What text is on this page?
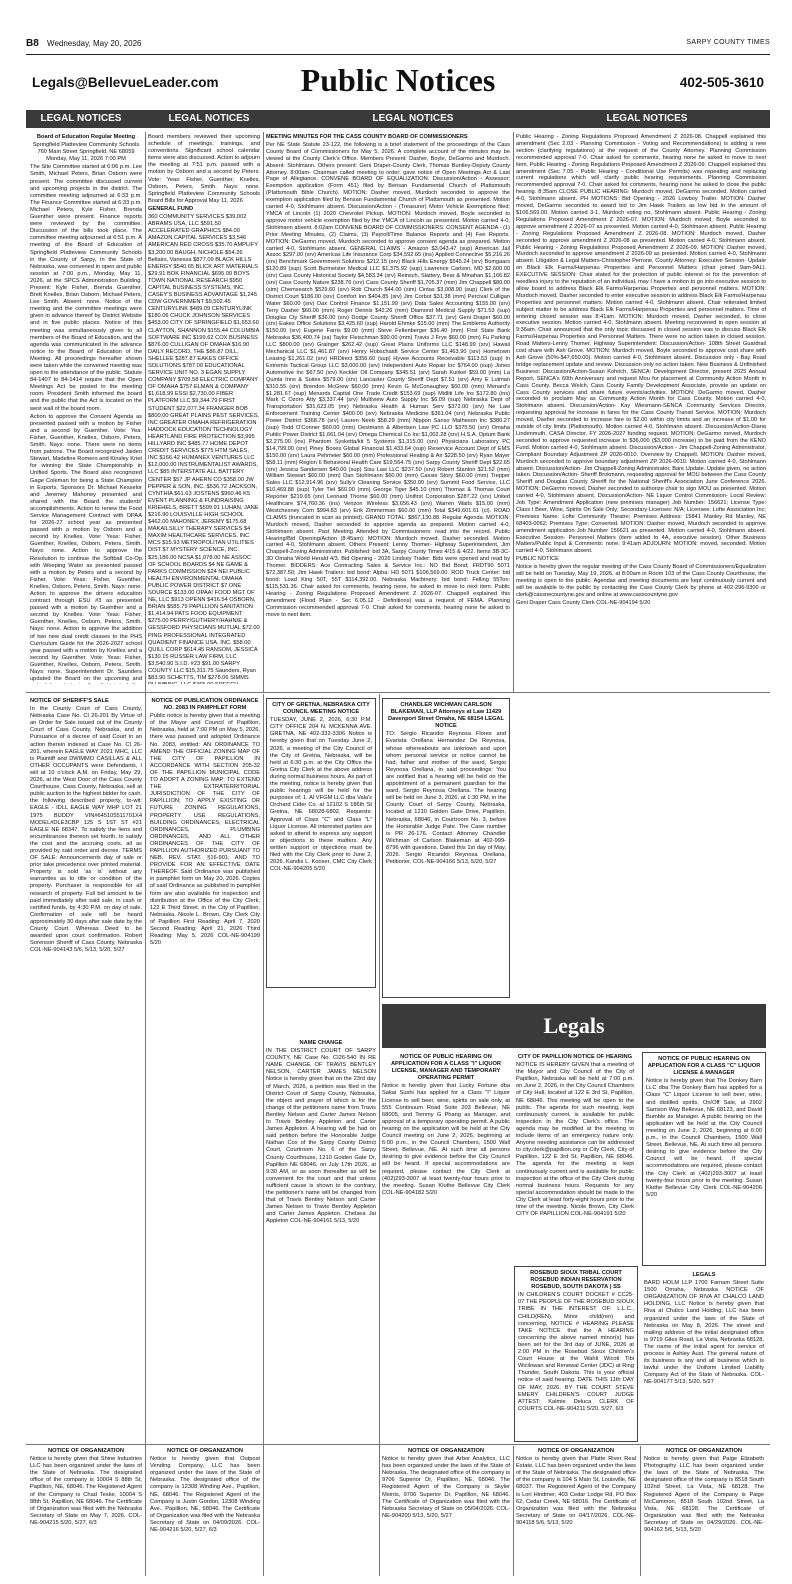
B8 Wednesday, May 20, 2026	SARPY COUNTY TIMES
Legals@BellevueLeader.com	Public Notices	402-505-3610
LEGAL NOTICES	LEGAL NOTICES	LEGAL NOTICES	LEGAL NOTICES

Board of Education Regular Meeting

Springfield Platteview Community Schools 760 Main Street Springfield, NE 68059 Monday, May 11, 2026 7:00 PM

The Site Committee started at 6:06 p.m. Lee Smith, Michael Peters, Brian Osborn were present. The committee discussed current and upcoming projects in the district. The committee meeting adjourned at 6:33 p.m. The Finance Committee started at 6:33 p.m. Michael Peters, Kyle Fisher, Brenda Guenther were present. Finance reports were reviewed by the committee. Discussion of the bills took place. The committee meeting adjourned at 6:51 p.m. A meeting of the Board of Education of Springfield Platteview Community Schools in the County of Sarpy, in the State of Nebraska, was convened in open and public session at 7:00 p.m., Monday, May 11, 2026, at the SPCS Administration Building. Present: Kyle Fisher, Brenda Guenther, Brett Knelles, Brian Osborn, Michael Peters, Lee Smith. Absent: none. Notice of the meeting and the committee meetings were given in advance thereof by District Website and in five public places. Notice of this meeting was simultaneously given to all members of the Board of Education, and the agenda was communicated in the advance notice to the Board of Education of the Meeting. All proceedings hereafter shown were taken while the convened meeting was open to the attendance of the public. Statute 84-1407 to 84-1414 require that the Open Meetings Act be posted in the meeting room. President Smith informed the board and the public that the Act is located on the west wall of the board room.

Action to approve the Consent Agenda as presented passed with a motion by Fisher and a second by Guenther. Vote: Yea: Fisher, Guenther, Knelles, Osborn, Peters, Smith. Nays: none. There were no items from patrons. The Board recognized Jaiden Stewart, Madeline Romero and Kinsley Kriet for winning the State Championship in Unified Sports. The Board also recognized Gage Coleman for being a State Champion in Esports. Sponsors Dr. Michael Kesselor and Jeremey Mahoney presented and shared with the Board the students' accomplishments. Action to renew the Food Service Management Contract with OPAA for 2026-27 school year as presented passed with a motion by Osborn and a second by Knelles. Vote: Yeas: Fisher, Guenther, Knelles, Osborn, Peters, Smith. Nays: none. Action to approve the Resolution to continue the Softball Co-Op with Weeping Water as presented passed with a motion by Peters and a second by Fisher. Vote: Yeas: Fisher, Guenther, Knelles, Osborn, Peters, Smith. Nays: none. Action to approve the drivers education contract through ESU #3 as presented passed with a motion by Guenther and a second by Knelles. Vote: Yeas: Fisher, Guenther, Knelles, Osborn, Peters, Smith. Nays: none. Action to approve the addition of two new dual credit classes to the PHS Curriculum Guide for the 2026-2027 school year passed with a motion by Knelles and a second by Guenther. Vote: Yeas: Fisher, Guenther, Knelles, Osborn, Peters, Smith. Nays: none. Superintendent Dr. Saunders updated the Board on the upcoming and

Board members reviewed their upcoming schedule of meetings, trainings, and conventions. Significant school calendar items were also discussed. Action to adjourn the meeting at 7:51 p.m. passed with a motion by Osborn and a second by Peters. Vote: Yeas: Fisher, Guenther, Knelles, Osborn, Peters, Smith. Nays: none. Springfield Platteview Community Schools Board Bills for Approval May 11, 2026

GENERAL FUND

360 COMMUNITY SERVICES $39,002 ABRAMS USA, LLC $591.50 ACCELERATED GRAPHICS $84.00 AMAZON CAPITAL SERVICES $3,546 AMERICAN RED CROSS $35.70 AMPLIFY $3,200.00 BAUGH, NICHOLE $54.26 Bellairs, Vanessa $877.09 BLACK HILLS ENERGY $540.65 BLICK ART MATERIALS $29.91 BOK FINANCIAL $695.00 BOYS TOWN NATIONAL RESEARCH $950 CAPITAL BUSINESS SYSTEMS, INC. CASEY'S BUSINESS ADVANTAGE $1,245 CDW GOVERNMENT $9,502.45 CENTURYLINK $489.09 CENTURYLINK $180.06 CHUCK JOHNSON SERVICES $453.00 CITY OF SPRINGFIELD $1,653.60 CLAYTON, SHANNON $155.44 COLUMBIA SOFTWARE INC $199.62 COX BUSINESS $876.00 CULLIGAN OF OMAHA $16.90 DAILY RECORD, THE $86.87 DILL, SHELLEE $287.87 EAKES OFFICE SOLUTIONS $787.00 EDUCATIONAL SERVICE UNIT NO. 3 EGAN SUPPLY COMPANY $709.58 ELECTRIC COMPANY OF OMAHA $757 ELMAN & COMPANY $1,618.99 ESSI $2,730.00 FIBER PLATFORM LLC $9,344.79 FIRST STUDENT $22,077.34 FRANGER BOB $800.00 GREAT PLAINS PEST SERVICES, INC GREATER OMAHA REFRIGERATION HADDOCK EDUCATION TECHNOLOGY HEARTLAND FIRE PROTECTION $3,995 HILLYARD INC $485.77 HOME DEPOT CREDIT SERVICES $775 HTM SALES, INC $166.42 HUMANEX VENTURES LLC $12,000.00 INSTRUMENTALIST AWARDS, LLC $85 INTERSTATE ALL BATTERY CENTER $57 JP AHERN CO $358.00 JW PEPPER & SON, INC. $536.72 JACKSON, CYNTHIA $61.63 JOSTENS $960.46 K5 EVENT PLANNING & FUNDRAISING KRIEHELS, BRETT $599.91 LUHAN, JANE $216.90 LOUISVILLE HIGH SCHOOL $462.00 MAHONEY, JEREMY $175.68 MAKAILSILLY THERAPY SERVICES $4 MAXIM HEALTHCARE SERVICES, INC MCS $15.93 METROPOLITAN UTILITIES DIST $7 MYSTERY SCIENCE, INC. $25,186.00 NCSA $1,078.00 NE ASSOC OF SCHOOL BOARDS $4 NE GAME & PARKS COMMISSION $24 NEI PUBLIC HEALTH ENVIRONMENTAL OMAHA PUBLIC POWER DISTRICT $7 ONE SOURCE $133.00 OPAA! FOOD MGT OF NE, LLC $913 OPENN $416.54 OSBORN, BRIAN $585.79 PAPILLION SANITATION $1,414.94 PATS FOOD EQUIPMENT $275.00 PERRY/GUTHERY/HAHN/E & GESSFORD PHYSICIANS MUTUAL $72.00 PING PROFESSIONAL INTEGRATED QUADIENT FINANCE USA, INC. $58.00 QUILL CORP $614.45 RANSOM, JESSICA $130.15 RUSSER LAW FIRM, LLC $3,540.90 S.I.D. #23 $91.00 SARPY COUNTY LLC $15,311.75 Saunders, Ryan $83.90 SCHETTS, TIM $278.06 SIMMS

MEETING MINUTES FOR THE CASS COUNTY BOARD OF COMMISSIONERS

Per NE State Statute 23-122, the following is a brief statement of the proceedings of the Cass County Board of Commissioners for May 5, 2026. A complete account of the minutes may be viewed at the County Clerk's Office. Members Present: Dasher, Boyle, DeGarmo and Murdoch. Absent: Stohlmann. Others present: Geni Draper-County Clerk, Thomas Buntley-Deputy County Attorney. 8:00am- Chairman called meeting to order; gave notice of Open Meetings Act & Last Page of Allegiance. CONVENE BOARD OF EQUALIZATION. Discussion/Action - Assessor: Exemption application (Form 451) filed by Bensan Fundamental Church of Plattsmouth (Plattsmouth Bible Church). MOTION: Dasher moved, Murdoch seconded to approve the exemption application filed by Bensan Fundamental Church of Plattsmouth as presented. Motion carried 4-0, Stohlmann absent. Discussion/Action - (Treasurer) Motor Vehicle Exemptions filed: YMCA of Lincoln (1) 2020 Chevrolet Pickup. MOTION: Murdoch moved, Boyle seconded to approve motor vehicle exemption filed by the YMCA of Lincoln as presented. Motion carried 4-0, Stohlmann absent. 8:02am CONVENE BOARD OF COMMISSIONERS. CONSENT AGENDA - (1) Prior Meeting Minutes, (2) Claims, (3) Payroll/Time Balance Reports and (4) Fee Reports. MOTION: DeGarmo moved, Murdoch seconded to approve consent agenda as prepared. Motion carried 4-0, Stohlmann absent. GENERAL CLAIMS - Amazon $3,043.47 (sup) American Jail Assoc $297.00 (srv) Americas Life Insurance Corp $34,592.65 (ins) Applied Connective $5,216.26 (srv) Benchmark Government Solutions $212.15 (srv) Black Hills Energy $545.24 (srv) Bomgaars $120.89 (sup) Scott Burmeister Medical LLC $1,375.92 (sup) Lawrence Carlson, MD $2,600.00 (srv) Cass County Historical Society $4,583.34 (srv) Reinsch, Slattery, Bear & Minahan $1,166.82 (srv) Cass County Nature $238.76 (srv) Cass County Sheriff $1,705.37 (mm) Jim Chappell $80.00 (sim) Chemsearch $529.60 (srv) Rob Church $44.00 (sim) Cintas $3,008.90 (sup) Clerk of the District Court $186.00 (srv) Comfort Inn $404.85 (srv) Jim Corbot $31.38 (mm) Percival Culligan Water $60.00 (srv) Dax Control Finance $1,151.99 (srv) Data Sales Accounting $155.00 (srv) Terry Dasher $60.00 (mm) Roger Dennis $42.26 (mm) Diamond Medical Supply $71.53 (sup) Douglas Cty Sheriff $36.00 (srv) Dodge County Sheriff Office $37.71 (srv) Geni Draper $60.00 (srv) Eakes Office Solutions $3,425.60 (sup) Harold Ehmke $15.00 (mm) The Emblems Authority $150.00 (srv) Eugene Farris $9.00 (mm) Steve Feltenberger $36.40 (mm) First State Bank Nebraska $36,400.74 (sa) Taylor Fleischman $90.00 (mm) Travis J Frye $60.00 (mm) Fu Parking LLC $800.00 (srv) Grainger $262.42 (sup) Great Plains Uniforms LLC $148.99 (srv) Hawaii Mechanical LLC $1,461.87 (srv) Henry Hobschaidt Service Center $1,463.90 (srv) Hometown Leasing $1,261.02 (srv) HRDirect $356.60 (sup) Hyvee Accounts Receivable $113.53 (sup) In Extremis Tactical Group LLC $3,000.00 (srv) Independent Auto Repair Inc $764.00 (sup) Jones Automotive Inc $67.50 (srv) Keckler Oil Company $345.51 (srv) Sarah Kunkel $59.00 (mm) La Quinta Inns & Suites $579.00 (srv) Lancaster County Sheriff Dept $7.51 (srv) Amy E Lutman $310.55 (srv) Brendon McGrew $60.00 (mm) Kevin G McConaughey $60.00 (mm) Menard's $1,281.67 (sup) Menards Capital One Trade Credit $153.69 (sup) Midliti Life Ins $172.80 (ins) Mark C Ozoro Atty $3,337.44 (srv) Multiview Auto Supply Inc $6.09 (sup) Nebraska Dept of Transportation $31,623.05 (mr) Nebraska Health & Human Serv $372.00 (srv) Ne Law Enforcement Training Center $400.00 (srv) Nebraska Medicine $361.04 (srv) Nebraska Public Power District $368.78 (srv) Lauren Neeb $58.29 (mm) Nippon Sanso Matheson Inc $380.27 (sup) Todd O'Conner $60.00 (mm) Oestmann & Albertsen Law PC LLO $375.50 (srv) Omaha Public Power District $1,661.04 (srv) Omega Chemical Co Inc $1,002.28 (srv) H.S.A. Optum Bank $2,275.00 (ins) Phantom Sysketta/kit 5 Systems $1,315.00 (srv) Physicians Laboratory PC $14,799.00 (srv) Piney Boxes Global Financial $1,433.64 (sup) Reservice Account Dept of EMS $150.00 (srv) Laura Pehmeier $60.00 (mm) Professional Heating & Air $228.50 (srv) Ryan Mayer $58.11 (mm) Region 6 Behavioral Health Care $19,564.75 (srv) Sarpy County Sheriff Dept $22.65 (srv) Jessica Sandersen $40.00 (sup) Sisu Law LLC $237.50 (srv) Robert Stanton $21.52 (mm) William Stewart $60.00 (mm) Dan Stohlmann $60.00 (mm) Cassie Story $60.00 (mm) Trepper Sales LLC $12,914.96 (srv) Sully's Cleaning Service $350.00 (srv) Summit Food Service, LLC $10,469.88 (sup) Tyler Tiel $60.00 (mm) George Tiger $45.10 (mm) Thomas & Thomas Court Reporter $219.65 (srv) Leonard Thorne $60.00 (mm) Unifirst Corporation $287.22 (srv) United Healthcare $74,760.36 (ins) Verizon Wireless $3,656.43 (srv) Warren Waits $15.00 (mm) Westchesney Com $994.83 (srv) Erik Zimmerman $60.00 (mm) Total $349,601.61 (cl). ROAD CLAIMS (truncated in scan as printed). GRAND TOTAL: $867,130.88. Regular Agenda. MOTION: Murdoch moved, Dasher seconded to approve agenda as prepared. Motion carried 4-0, Stohlmann absent. Past Meeting Attended by Commissioners: read into the record. Public Hearing/Bid Opening/Action (8:45am): MOTION: Murdoch moved, Dasher seconded. Motion carried 4-0, Stohlmann absent. Others Present: Lenny Thomer- Highway Superintendent, Jim Chappell-Zoning Administrator. Published: bid 3A, Sarpy County Times 4/15 & 4/22. Items 3B-3C-3D Omaha World Herald 4/3. Bid Opening - 2026 Lindsey Trailer: Bids were opened and read by Thomer. BIDDERS: Ace Contracting Sales & Service Inc.: NO Bid Bond; FRDT90 5071 $72,387.50; Jim Hawk Trailers: bid bond: Alpha: HD 5071 $106,569.00. ROD Truck Center: bid bond: Load King 50T, 55T $114,392.00. Nebraska Machinery: bid bond: Felling 55Ton: $115,531.36. Chair asked for comments, hearing none, he asked to move to next item. Public Hearing - Zoning Regulations Proposed Amendment Z 2026-07. Chappell explained this amendment (Flood Plain - Sec 6.05.12 - Definitions) was a request of FEMA. Planning Commission recommended approval 7-0. Chair asked for comments, hearing none he asked to move to next item.

Public Hearing - Zoning Regulations Proposed Amendment Z 2026-08. Chappell explained this amendment (Sec 2.03 - Planning Commission - Voting and Recommendations) is adding a new section (clarifying regulations) at the request of the County Attorney. Planning Commission recommended approval 7-0. Chair asked for comments, hearing none he asked to move to next item. Public Hearing - Zoning Regulations Proposed Amendment Z 2026-09. Chappell explained this amendment (Sec 7.05 - Public Hearing - Conditional Use Permits) was repeating and replacing current regulations which will clarify public hearing requirements. Planning Commission recommended approval 7-0. Chair asked for comments, hearing none he asked to close the public hearing. 8:35am CLOSE PUBLIC HEARING: Murdoch moved, DeGarmo seconded. Motion carried 4-0, Stohlmann absent. PH MOTIONS: Bid Opening - 2026 Lowboy Trailer. MOTION: Dasher moved, DeGarmo seconded to award bid to Jim Hawk Trailers as low bid in the amount of $106,569.00. Motion carried 3-1, Murdoch voting no, Stohlmann absent. Public Hearing - Zoning Regulations Proposed Amendment Z 2026-07. MOTION: Murdoch moved, Boyle seconded to approve amendment Z 2026-07 as presented. Motion carried 4-0, Stohlmann absent. Public Hearing - Zoning Regulations Proposed Amendment Z 2026-08. MOTION: Murdoch moved, Dasher seconded to approve amendment Z 2026-08 as presented. Motion carried 4-0, Stohlmann absent. Public Hearing - Zoning Regulations Proposed Amendment Z 2026-09. MOTION: Dasher moved, Murdoch seconded to approve amendment Z 2026-09 as presented. Motion carried 4-0, Stohlmann absent. Litigation & Legal Matters-Christopher Perrone, County Attorney: Executive Session- Update on Black Elk Farms/Harpenau Properties and Personnel Matters (chair joined 9am-9AL). EXECUTIVE SESSION: Chair stated for the protection of public interest or for the prevention of needless injury to the reputation of an individual, may I have a motion to go into executive session to allow board to address Black Elk Farms/Harpenau Properties and personnel matters. MOTION: Murdoch moved, Dasher seconded to enter executive session to address Black Elk Farms/Harpenau Properties and personnel matters. Motion carried 4-0, Stohlmann absent. Chair reiterated limited subject matter to be address Black Elk Farms/Harpenau Properties and personnel matters. Time of entering closed session was 8:41am. MOTION: Murdoch moved, Dasher seconded, to close executive session. Motion carried 4-0, Stohlmann absent. Meeting reconvened in open session at 9:36am. Chair announced that the only topic discussed in closed session was to discuss Black Elk Farms/Harpenau Properties and Personnel Matters. There were no action taken in closed session. Road Matters-Lenny Thomer, Highway Superintendent: Discussion/Action- 108th Street Guardrail cost share with Ash Grove. MOTION: Murdoch moved, Boyle seconded to approve cost share with Ash Grove (50%-$47,650.00). Motion carried 4-0, Stohlmann absent. Discussion only - Bay Road bridge replacement update and review. Discussion only no action taken. New Business & Unfinished Business: Discussion/Action-Susan Kohrich, SENCA: Development Director, present 2025 Annual Report, SENCA's 60th Anniversary and request Mou for placement at Community Action Month in Cass County. Becca Welch, Cass County Family Development Associate, provide an update on Cass County services and share future events/activities. MOTION: DeGarmo moved, Dasher seconded to proclaim May as Community Action Month for Cass County. Motion carried 4-0, Stohlmann absent. Discussion/Action- Kay Wiesmann-SENCA Community Services Director, requesting approval for increase in fares for the Cass County Transit Service. MOTION: Murdoch moved, Dasher seconded to increase fare to $2.00 within city limits and an increase of $1.00 for outside of city limits (Plattsmouth). Motion carried 4-0, Stohlmann absent. Discussion/Action-Diana Lindenmuth, CASA Director, FY 2026-2027 funding request. MOTION: DeGarmo moved, Murdoch seconded to approve requested increase to $36,000 ($3,000 increase) to be paid from the KENO Fund. Motion carried 4-0, Stohlmann absent. Discussion/Action - Jim Chappell-Zoning Administrator, Compliant Boundary Adjustment ZP 2026-0010. Overview by Chappell. MOTION: Dasher moved, Murdoch seconded to approve boundary adjustment ZP 2026-0010. Motion carried 4-0, Stohlmann absent. Discussion/Action- Jim Chappell-Zoning Administrator, Bare Update. Update given, no action taken. Discussion/Action- Sheriff Brokmann, requesting approval for MOU between the Cass County Sheriff and Douglas County Sheriff for the National Sheriff's Association June Conference 2026. MOTION: DeGarmo moved, Dasher seconded to authorize chair to sign MOU as presented. Motion carried 4-0, Stohlmann absent. Discussion/Action- NE Liquor Control Commission- Local Review: Job Type: Amendment Application (new premises manager) Job Number: 156621; License Type: Class I Beer, Wine, Spirits On Sale Only; Secondary Licenses: N/A; Licensee: Lofte Association Inc; Premises Name: Lofte Community Theatre; Premises Address: 15841 Manley Rd Manley, NE 68403-0062; Premises Type: Converted. MOTION: Dasher moved, Murdoch seconded to approve amendment application Job Number 156621 as presented. Motion carried 4-0, Stohlmann absent. Executive Session- Personnel Matters (item added to 4A, executive session). Other Business Matters/Public Input & Comments: none. 9:41am ADJOURN: MOTION: moved, seconded. Motion carried 4-0, Stohlmann absent.

PUBLIC NOTICE

Notice is hereby given the regular meeting of the Cass County Board of Commissioners/Equalization will be held on Tuesday, May 19, 2026, at 8:00am in Room 103 of the Cass County Courthouse, the meeting is open to the public. Agendas and meeting documents are kept continuously current and will be available to the public by contacting the Cass County Clerk by phone at 402-296-9300 or clerk@cassnecountyne.gov and online at www.casscountyne.gov

Geni Draper Cass County Clerk COL-NE-904194 5/20

NOTICE OF SHERIFF'S SALE

In the County Court of Cass County, Nebraska Case No. CI 26-201 By Virtue of an Order for Sale issued out of the County Court of Cass County, Nebraska, and in Pursuance of a decree of said Court in an action therein indexed at Case No. CI 26-201, wherein EAGLE WAY 2021 MHC, LLC is Plaintiff and DWIMMO CASILLAS & ALL OTHER OCCUPANTS were Defendants, I will at 10 o'clock A.M. on Friday, May 29, 2026, at the West Door of the Cass County Courthouse, Cass County, Nebraska, sell at public auction to the highest bidder for cash, the following described property, to-wit: EAGLE - IDLL EAGLE WAY MHP LOT 21 1975 BUDDY VIN#645105511701X4 MODEL#DLE3CBP 125 S 1ST ST #21 EAGLE NE 68347. To satisfy the liens and encumbrances thereon set fourth, to satisfy the cost and the accruing costs, all as provided by said order and decree. TERMS OF SALE: Announcements day of sale or prior take precedence over printed material. Property is sold 'as is' without any warranties as to title or condition of the property. Purchaser is responsible for all research of property. Full bid amount to be paid immediately after said sale, in cash or certified funds, by 4:30 P.M. on day of sale. Confirmation of sale will be heard approximately 30 days after sale date by the County Court. Whereas Deed to be awarded upon court confirmation. Robert Sorenson Sheriff of Cass County, Nebraska COL-NE-904143 5/6, 5/13, 5/20, 5/27

NOTICE OF PUBLICATION ORDINANCE NO. 2083 IN PAMPHLET FORM

Public notice is hereby given that a meeting of the Mayor and Council of Papillion, Nebraska, held at 7:00 PM on May 5, 2026, there was passed and adopted Ordinance No. 2083, entitled: AN ORDINANCE TO AMEND THE OFFICIAL ZONING MAP OF THE CITY OF PAPILLION IN ACCORDANCE WITH SECTION 205-32 OF THE PAPILLION MUNICIPAL CODE TO ADOPT A ZONING MAP; TO EXTEND THE EXTRATERRITORIAL JURISDICTION OF THE CITY OF PAPILLION; TO APPLY EXISTING OR FUTURE ZONING REGULATIONS, PROPERTY USE REGULATIONS, BUILDING ORDINANCES, ELECTRICAL ORDINANCES, PLUMBING ORDINANCES, AND ALL OTHER ORDINANCES OF THE CITY OF PAPILLION AUTHORIZED PURSUANT TO NEB. REV. STAT. §16-901; AND TO PROVIDE FOR AN EFFECTIVE DATE THEREOF. Said Ordinance was published in pamphlet form on May 20, 2026. Copies of said Ordinance as published in pamphlet form are also available for inspection and distribution at the Office of the City Clerk, 122 E Third Street, in the City of Papillion, Nebraska. Nicole L. Brown, City Clerk City of Papillion First Reading: April 7, 2020 Second Reading: April 21, 2026 Third Reading: May 5, 2026 COL-NE-904199 5/20

CITY OF GRETNA, NEBRASKA CITY COUNCIL MEETING NOTICE

TUESDAY, JUNE 2, 2026, 6:30 P.M. CITY OFFICE 204 N. MCKENNA AVE. GRETNA, NE 402-332-3306 Notice is hereby given that on Tuesday June 2, 2026, a meeting of the City Council of the City of Gretna, Nebraska, will be held at 6:30 p.m. at the City Office the Gretna City Clerk at the above address during normal business hours. As part of the meeting, notice is hereby given that public hearings will be held for the purposes of: 1. Al VFGM LLC dba Vala's Orchard Cider Co. at 12102 S 186th St Gretna, NE 68028-6802. Requests: Approval of Class "C" and Class "L" Liquor License. All interested parties are asked to attend to express any support or objections to these matters. Any written support or objections must be filed with the City Clerk prior to June 2, 2026. Kandis L. Kooser, CMC City Clerk COL-NE-904205 5/20

CHANDLER WICHMAN CARLSON BLAKEMAN, LLP Attorneys at Law 11429 Davenport Street Omaha, NE 68154 LEGAL NOTICE

TO: Sergio Ricandoi Reynosa Flores and Evarista Orellana Hernandez De Reynosa, whose whereabouts are unknown and upon whom personal service or notice cannot be had, father and mother of the ward, Sergio Reynosa Orellana, in said proceedings: You are notified that a hearing will be held on the appointment of a permanent guardian for the ward, Sergio Reynosa Orellana. The hearing will be held on June 3, 2026, at 1:30 PM, in the County Court of Sarpy County, Nebraska, located at 1210 Golden Gate Drive, Papillion, Nebraska, 68046, in Courtroom No. 3, before the Honorable Judge Pate. The Case number is PR 26-176. Contact Attorney Chandler Wichman of Carlson Blakeman at 402-999-8796 with questions. Dated this 1st day of May, 2026. Sergio Ricandoi Reynosa Orellana, Petitioner. COL-NE-904166 5/13, 5/20, 5/27

Legals

CITY OF PAPILLION NOTICE OF HEARING

NOTICE IS HEREBY GIVEN that a meeting of the Mayor and City Council of the City of Papillion, Nebraska will be held at 7:00 p.m. on June 2, 2026, in the City Council Chambers of City Hall, located at 122 E 3rd St, Papillion, NE 68046. This meeting will be open to the public. The agenda for such meeting, kept continuously current, is available for public inspection in the City Clerk's office. The agenda may be modified at the meeting to include items of an emergency nature only. Anyone needing assistance can be addressed to city.clerk@papillion.org or City Clerk, City of Papillion, 122 E 3rd St, Papillion, NE 68046. The agenda for the meeting is kept continuously current and is available for public inspection at the office of the City Clerk during normal business hours. Requests for any special accommodation should be made to the City Clerk at least forty-eight hours prior to the time of the meeting. Nicole Brown, City Clerk CITY OF PAPILLION COL-NE-904191 5/20

NOTICE OF PUBLIC HEARING ON APPLICATION FOR A CLASS "C" LIQUOR LICENSE & MANAGER

Notice is hereby given that The Donkey Barn LLC dba The Donkey Barn has applied for a Class "C" Liquor License to sell beer, wine, and distilled spirits, On/Off Sale, at 2902 Samson Way Bellevue, NE 68123, and David Bumble as Manager. A public hearing on the application will be held at the City Council meeting on June 2, 2026, beginning at 6:00 p.m., in the Council Chambers, 1500 Wall Street, Bellevue, NE. At such time all persons desiring to give evidence before the City Council will be heard. If special accommodations are required, please contact the City Clerk at (402)293-3007 at least twenty-four hours prior to the meeting. Susan Kluthe Bellevue City Clerk COL-NE-904206 5/20

NAME CHANGE

IN THE DISTRICT COURT OF SARPY COUNTY, NE Case No. CI26-540 IN RE NAME CHANGE OF TRAVIS BENTLEY NELSON, CARTER JAMES NELSON Notice is hereby given that on the 23rd day of March, 2026, a petition was filed in the District Court of Sarpy County, Nebraska, the object and prayer of which is for the change of the petitioners name from Travis Bentley Nelson and Carter James Nelson to Travis Bentley Appleton and Carter James Appleton. A hearing will be had on said petition before the Honorable Judge Nathan Cox of the Sarpy County District Court, Courtroom No. 6 of the Sarpy County Courthouse, 1210 Golden Gate Dr, Papillion NE 68046, on July 17th 2026, at 9:30 AM, or as soon thereafter as will be convenient for the court and that unless sufficient cause is shown to the contrary, the petitioner's name will be changed from that of Travis Bentley Nelson and Carter James Nelson to Travis Bentley Appleton and Carter James Appleton. Chelsea Jai Appleton COL-NE-904161 5/13, 5/20

NOTICE OF PUBLIC HEARING ON APPLICATION FOR A CLASS "I" LIQUOR LICENSE, MANAGER AND TEMPORARY OPERATING PERMIT

Notice is hereby given that Lucky Fortune dba Sakai Sushi has applied for a Class "I" Liquor License to sell beer, wine, spirits on sale only, at 555 Continuum Road Suite 203 Bellevue, NE 68005, and Tommy G Phang as Manager, and approval of a temporary operating permit. A public hearing on the application will be held at the City Council meeting on June 2, 2026, beginning at 6:00 p.m., in the Council Chambers, 1500 Wall Street, Bellevue, NE. At such time all persons desiring to give evidence before the City Council will be heard. If special accommodations are required, please contact the City Clerk at (402)293-3007 at least twenty-four hours prior to the meeting. Susan Kluthe Bellevue City Clerk COL-NE-904182 5/20

ROSEBUD SIOUX TRIBAL COURT ROSEBUD INDIAN RESERVATION ROSEBUD, SOUTH DAKOTA ) SS

IN CHILDREN'S COURT DOCKET # CC25-07 THE PEOPLE OF THE ROSEBUD SIOUX TRIBE IN THE INTEREST OF: L.L.C., CHILD(REN). Minor child(ren) and concerning, NOTICE # HEARING PLEASE TAKE NOTICE that the A HEARING concerning the above named minor(s) has been set for the 3rd day of JUNE, 2026 at 2:00 PM in the Rosebud Sioux Children's Court House at the Wahli Wicoti Tibi Wicilowan and Renewal Center (JDC) at Ring Thunder, South Dakota. This is your official notice of said hearing. DATE THIS 11th DAY OF MAY, 2026. BY THE COURT STEVE EMERY CHILDREN'S COURT JUDGE ATTEST: Kalmie Deluca CLERK OF COURTS COL-NE-904211 5/20, 5/27, 6/3

LEGALS

BARD HOLM LLP 1700 Farnam Street Suite 1500 Omaha, Nebraska NOTICE OF ORGANIZATION OF RIVA AT CHALCO LAND HOLDING, LLC Notice is hereby given that Riva at Chalco Land Holding, LLC has been organized under the laws of the State of Nebraska on May 8, 2026. The street and mailing address of the initial designated office is 9719 Giles Road, La Vista, Nebraska 68128. The name of the initial agent for service of process is Ashley Aust. The general nature of its business is any and all business which is lawful under the Uniform Limited Liability Company Act of the State of Nebraska. COL-NE-904177 5/13, 5/20, 5/27

NOTICE OF ORGANIZATION

Notice is hereby given that Shine Industries LLC has been organized under the laws of the State of Nebraska. The designated office of the company is 10004 S 88th St, Papillion, NE, 68046. The Registered Agent of the Company is Chad Teske, 10004 S 88th St, Papillion, NE 68046. The Certificate of Organization was filed with the Nebraska Secretary of State on May 7, 2026. COL-NE-904215 5/20, 5/27, 6/3

NOTICE OF ORGANIZATION

Notice is hereby given that Outpost Vending Company, LLC has been organized under the laws of the State of Nebraska. The designated office of the company is 12308 Winding Ave., Papillion, NE, 68046. The Registered Agent of the Company is Justin Gordon, 12308 Winding Ave., Papillion, NE, 68046. The Certificate of Organization was filed with the Nebraska Secretary of State on 04/09/2026. COL-NE-904216 5/20, 5/27, 6/3

NOTICE OF ORGANIZATION

Notice is hereby given that Arbor Analytics, LLC has been organized under the laws of the State of Nebraska. The designated office of the company is 9706 Superior Dr, Papillion, NE, 68046. The Registered Agent of the Company is Skyler Meints, 9706 Superior Dr, Papillion, NE 68046. The Certificate of Organization was filed with the Nebraska Secretary of State on 05/04/2026. COL-NE-904200 5/13, 5/20, 5/27

NOTICE OF ORGANIZATION

Notice is hereby given that Platte River Real Estate, LLC has been organized under the laws of the State of Nebraska. The designated office of the company is 104 S Main St, Louisville, NE 68037. The Registered Agent of the Company is Lori Hindmer, 403 Cedar Lodge Rd, PO Box 62, Cedar Creek, NE 68016. The Certificate of Organization was filed with the Nebraska Secretary of State on 04/17/2026. COL-NE-904118 5/6, 5/13, 5/20

NOTICE OF ORGANIZATION

Notice is hereby given that Paige Elizabeth Photography LLC has been organized under the laws of the State of Nebraska. The designated office of the company is 8518 South 102nd Street, La Vista, NE 68128. The Registered Agent of the Company is Paige McCammon, 8518 South 102nd Street, La Vista, NE 68128. The Certificate of Organization was filed with the Nebraska Secretary of State on 04/29/2026. COL-NE-904162 5/6, 5/13, 5/20
